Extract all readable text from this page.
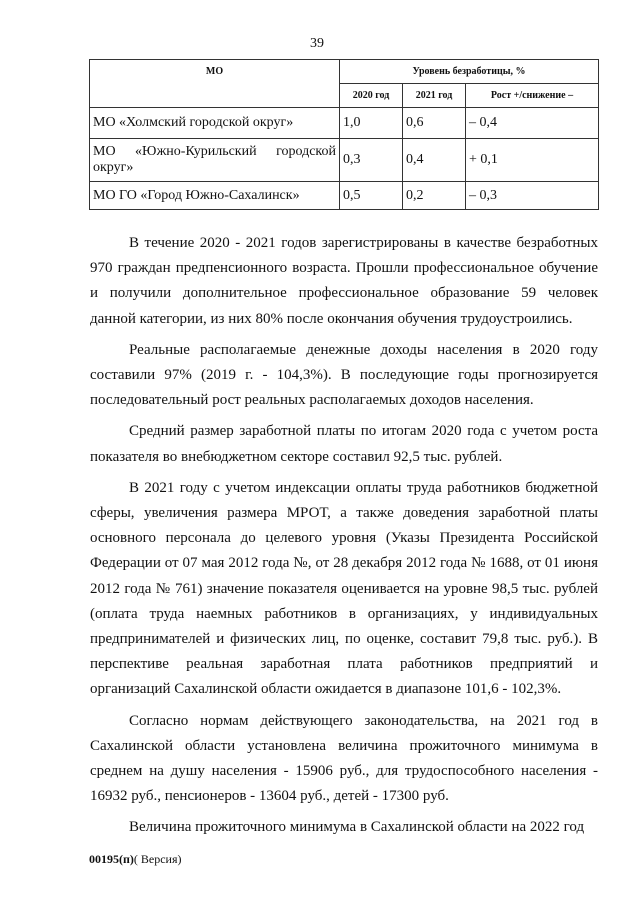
39
МО	Уровень безработицы, %		
	2020 год	2021 год	Рост +/снижение –
МО «Холмский городской округ»	1,0	0,6	– 0,4
МО «Южно-Курильский городской округ»	0,3	0,4	+ 0,1
МО ГО «Город Южно-Сахалинск»	0,5	0,2	– 0,3

В течение 2020 - 2021 годов зарегистрированы в качестве безработных 970 граждан предпенсионного возраста. Прошли профессиональное обучение и получили дополнительное профессиональное образование 59 человек данной категории, из них 80% после окончания обучения трудоустроились.

Реальные располагаемые денежные доходы населения в 2020 году составили 97% (2019 г. - 104,3%). В последующие годы прогнозируется последовательный рост реальных располагаемых доходов населения.

Средний размер заработной платы по итогам 2020 года с учетом роста показателя во внебюджетном секторе составил 92,5 тыс. рублей.

В 2021 году с учетом индексации оплаты труда работников бюджетной сферы, увеличения размера МРОТ, а также доведения заработной платы основного персонала до целевого уровня (Указы Президента Российской Федерации от 07 мая 2012 года №, от 28 декабря 2012 года № 1688, от 01 июня 2012 года № 761) значение показателя оценивается на уровне 98,5 тыс. рублей (оплата труда наемных работников в организациях, у индивидуальных предпринимателей и физических лиц, по оценке, составит 79,8 тыс. руб.). В перспективе реальная заработная плата работников предприятий и организаций Сахалинской области ожидается в диапазоне 101,6 - 102,3%.

Согласно нормам действующего законодательства, на 2021 год в Сахалинской области установлена величина прожиточного минимума в среднем на душу населения - 15906 руб., для трудоспособного населения - 16932 руб., пенсионеров - 13604 руб., детей - 17300 руб.

Величина прожиточного минимума в Сахалинской области на 2022 год

00195(п)( Версия)
